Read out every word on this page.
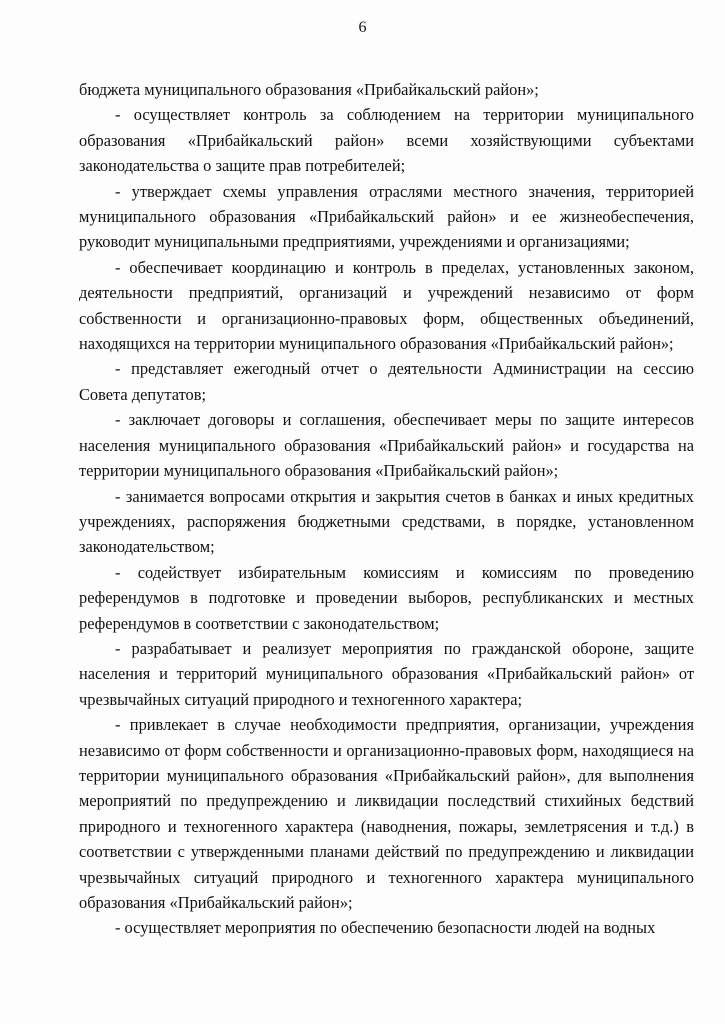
6

бюджета муниципального образования «Прибайкальский район»;

- осуществляет контроль за соблюдением на территории муниципального образования «Прибайкальский район» всеми хозяйствующими субъектами законодательства о защите прав потребителей;

- утверждает схемы управления отраслями местного значения, территорией муниципального образования «Прибайкальский район» и ее жизнеобеспечения, руководит муниципальными предприятиями, учреждениями и организациями;

- обеспечивает координацию и контроль в пределах, установленных законом, деятельности предприятий, организаций и учреждений независимо от форм собственности и организационно-правовых форм, общественных объединений, находящихся на территории муниципального образования «Прибайкальский район»;

- представляет ежегодный отчет о деятельности Администрации на сессию Совета депутатов;

- заключает договоры и соглашения, обеспечивает меры по защите интересов населения муниципального образования «Прибайкальский район» и государства на территории муниципального образования «Прибайкальский район»;

- занимается вопросами открытия и закрытия счетов в банках и иных кредитных учреждениях, распоряжения бюджетными средствами, в порядке, установленном законодательством;

- содействует избирательным комиссиям и комиссиям по проведению референдумов в подготовке и проведении выборов, республиканских и местных референдумов в соответствии с законодательством;

- разрабатывает и реализует мероприятия по гражданской обороне, защите населения и территорий муниципального образования «Прибайкальский район» от чрезвычайных ситуаций природного и техногенного характера;

- привлекает в случае необходимости предприятия, организации, учреждения независимо от форм собственности и организационно-правовых форм, находящиеся на территории муниципального образования «Прибайкальский район», для выполнения мероприятий по предупреждению и ликвидации последствий стихийных бедствий природного и техногенного характера (наводнения, пожары, землетрясения и т.д.) в соответствии с утвержденными планами действий по предупреждению и ликвидации чрезвычайных ситуаций природного и техногенного характера муниципального образования «Прибайкальский район»;

- осуществляет мероприятия по обеспечению безопасности людей на водных
